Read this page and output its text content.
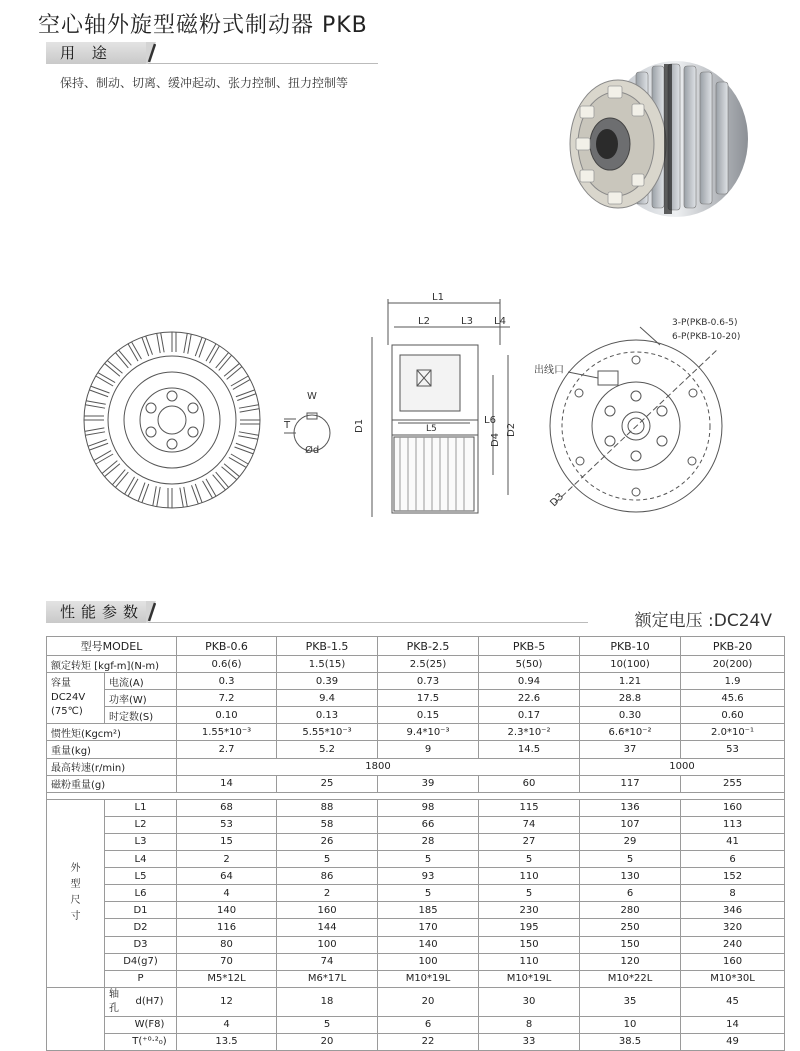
空心轴外旋型磁粉式制动器 PKB
用 途
保持、制动、切离、缓冲起动、张力控制、扭力控制等
W
T
Ød
L1
L2	L3 L4
L5
L6
D1
D4
D2
3-P(PKB-0.6-5)
6-P(PKB-10-20)
出线口
D3
性能参数	额定电压 :DC24V
型号MODEL		PKB-0.6	PKB-1.5	PKB-2.5	PKB-5	PKB-10	PKB-20
额定转矩 [kgf-m](N-m)		0.6(6)	1.5(15)	2.5(25)	5(50)	10(100)	20(200)

容量
DC24V
(75℃)	电流(A)	0.3	0.39	0.73	0.94	1.21	1.9
	功率(W)	7.2	9.4	17.5	22.6	28.8	45.6
	时定数(S)	0.10	0.13	0.15	0.17	0.30	0.60
惯性矩(Kgcm²)		1.55*10⁻³	5.55*10⁻³	9.4*10⁻³	2.3*10⁻²	6.6*10⁻²	2.0*10⁻¹
重量(kg)		2.7	5.2	9	14.5	37	53
最高转速(r/min)		1800				1000	
磁粉重量(g)		14	25	39	60	117	255

外
型
尺
寸	L1	68	88	98	115	136	160
	L2	53	58	66	74	107	113
	L3	15	26	28	27	29	41
	L4	2	5	5	5	5	6
	L5	64	86	93	110	130	152
	L6	4	2	5	5	6	8
	D1	140	160	185	230	280	346
	D2	116	144	170	195	250	320
	D3	80	100	140	150	150	240
	D4(g7)	70	74	100	110	120	160
	P	M5*12L	M6*17L	M10*19L	M10*19L	M10*22L	M10*30L

	轴
孔
d(H7)	12	18	20	30	35	45

	W(F8)	4	5	6	8	10	14

	T(⁺⁰·²₀)	13.5	20	22	33	38.5	49
